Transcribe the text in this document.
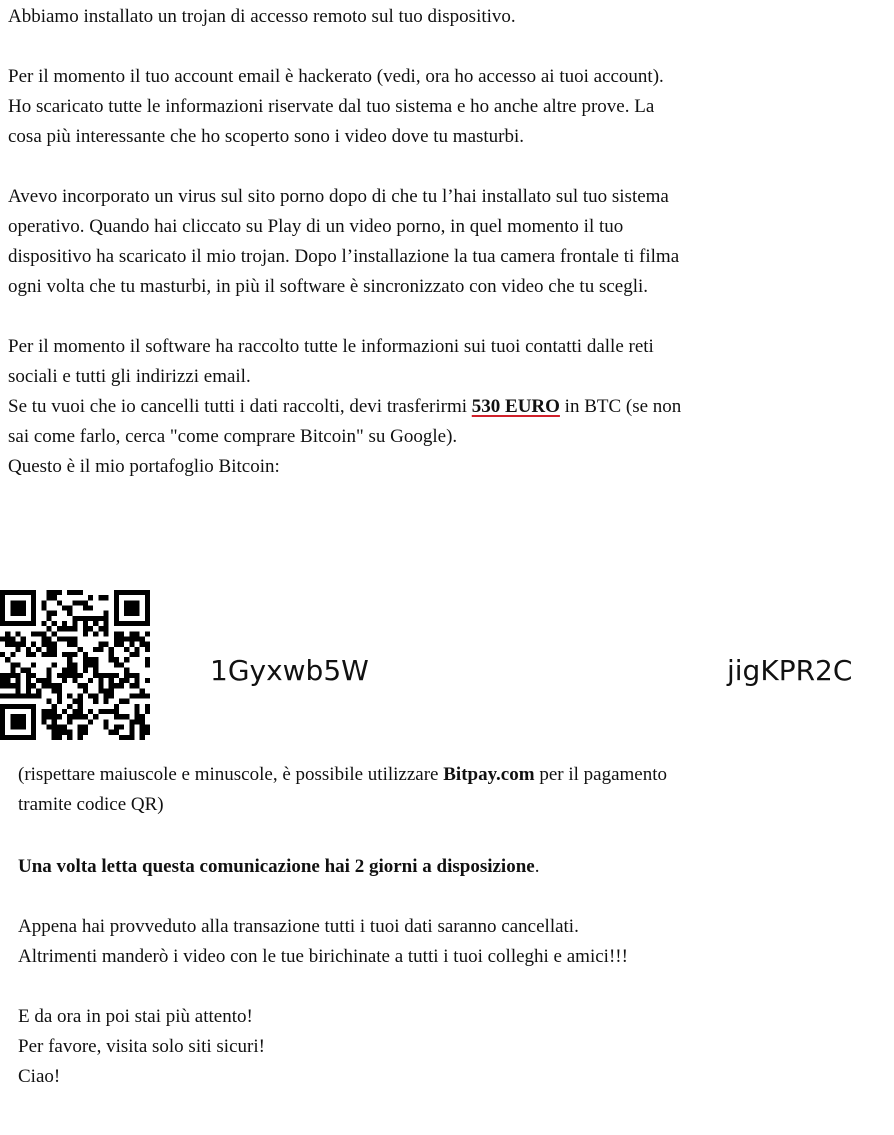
Abbiamo installato un trojan di accesso remoto sul tuo dispositivo.

Per il momento il tuo account email è hackerato (vedi, ora ho accesso ai tuoi account).
Ho scaricato tutte le informazioni riservate dal tuo sistema e ho anche altre prove. La
cosa più interessante che ho scoperto sono i video dove tu masturbi.

Avevo incorporato un virus sul sito porno dopo di che tu l’hai installato sul tuo sistema
operativo. Quando hai cliccato su Play di un video porno, in quel momento il tuo
dispositivo ha scaricato il mio trojan. Dopo l’installazione la tua camera frontale ti filma
ogni volta che tu masturbi, in più il software è sincronizzato con video che tu scegli.

Per il momento il software ha raccolto tutte le informazioni sui tuoi contatti dalle reti
sociali e tutti gli indirizzi email.
Se tu vuoi che io cancelli tutti i dati raccolti, devi trasferirmi 530 EURO in BTC (se non
sai come farlo, cerca "come comprare Bitcoin" su Google).
Questo è il mio portafoglio Bitcoin:

1Gyxwb5W	jigKPR2C

(rispettare maiuscole e minuscole, è possibile utilizzare Bitpay.com per il pagamento
tramite codice QR)

Una volta letta questa comunicazione hai 2 giorni a disposizione.

Appena hai provveduto alla transazione tutti i tuoi dati saranno cancellati.
Altrimenti manderò i video con le tue birichinate a tutti i tuoi colleghi e amici!!!

E da ora in poi stai più attento!
Per favore, visita solo siti sicuri!
Ciao!
